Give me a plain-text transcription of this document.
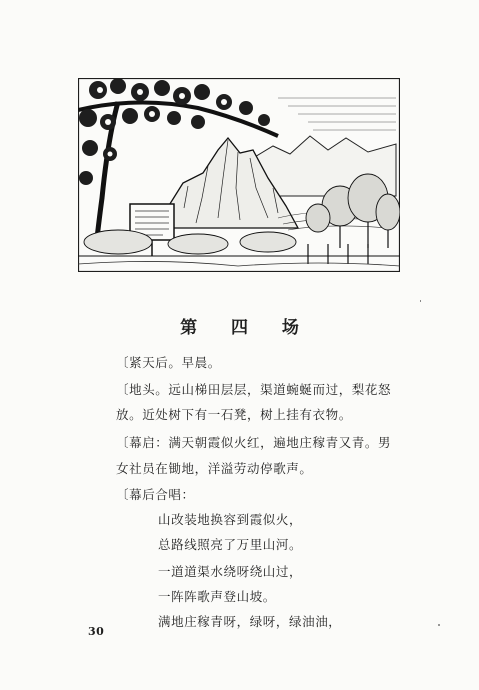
第 四 场
〔紧天后。早晨。
〔地头。远山梯田层层，渠道蜿蜒而过，梨花怒
放。近处树下有一石凳，树上挂有衣物。
〔幕启：满天朝霞似火红，遍地庄稼青又青。男
女社员在锄地，洋溢劳动停歌声。
〔幕后合唱：
山改装地换容到霞似火，
总路线照亮了万里山河。
一道道渠水绕呀绕山过，
一阵阵歌声登山坡。
满地庄稼青呀，绿呀，绿油油，
30
